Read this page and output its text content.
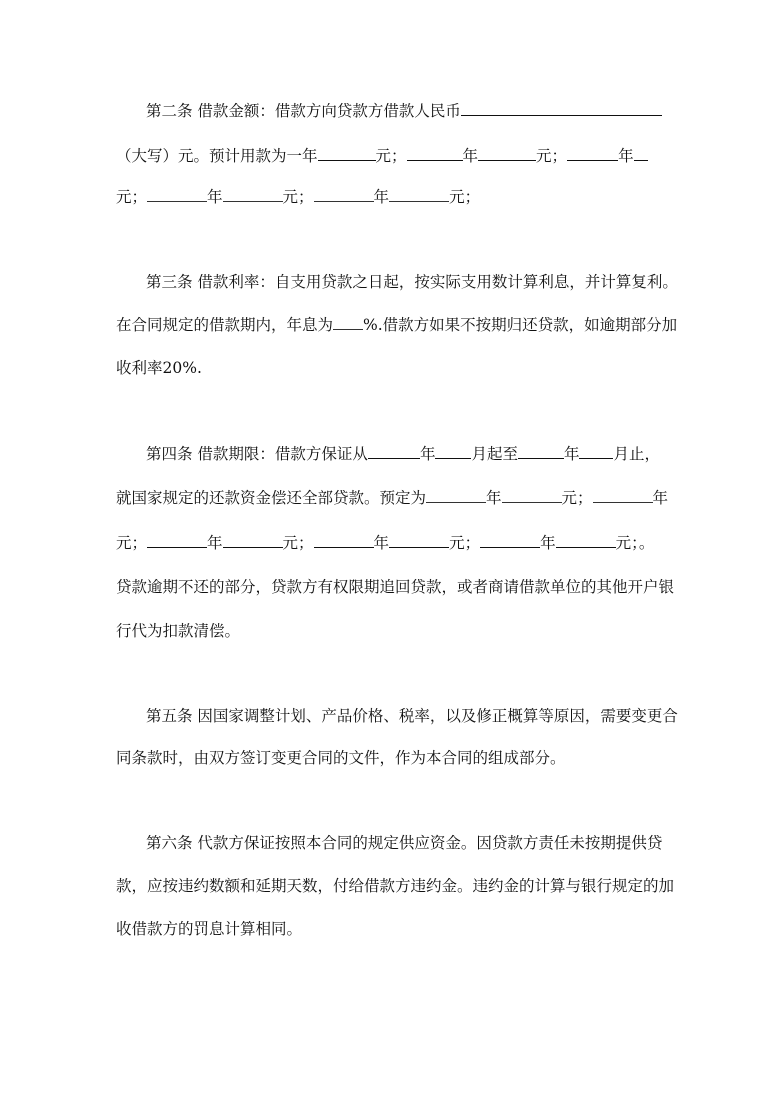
第二条 借款金额：借款方向贷款方借款人民币
（大写）元。预计用款为一年	元；	年	元；	年
元；	年	元；	年	元；
第三条 借款利率：自支用贷款之日起，按实际支用数计算利息，并计算复利。
在合同规定的借款期内，年息为 %.借款方如果不按期归还贷款，如逾期部分加
收利率20%.
第四条 借款期限：借款方保证从	年 月起至	年 月止，
就国家规定的还款资金偿还全部贷款。预定为	年	元；	年
元；	年	元；	年	元；	年	元；。
贷款逾期不还的部分，贷款方有权限期追回贷款，或者商请借款单位的其他开户银
行代为扣款清偿。
第五条 因国家调整计划、产品价格、税率，以及修正概算等原因，需要变更合
同条款时，由双方签订变更合同的文件，作为本合同的组成部分。
第六条 代款方保证按照本合同的规定供应资金。因贷款方责任未按期提供贷
款，应按违约数额和延期天数，付给借款方违约金。违约金的计算与银行规定的加
收借款方的罚息计算相同。
